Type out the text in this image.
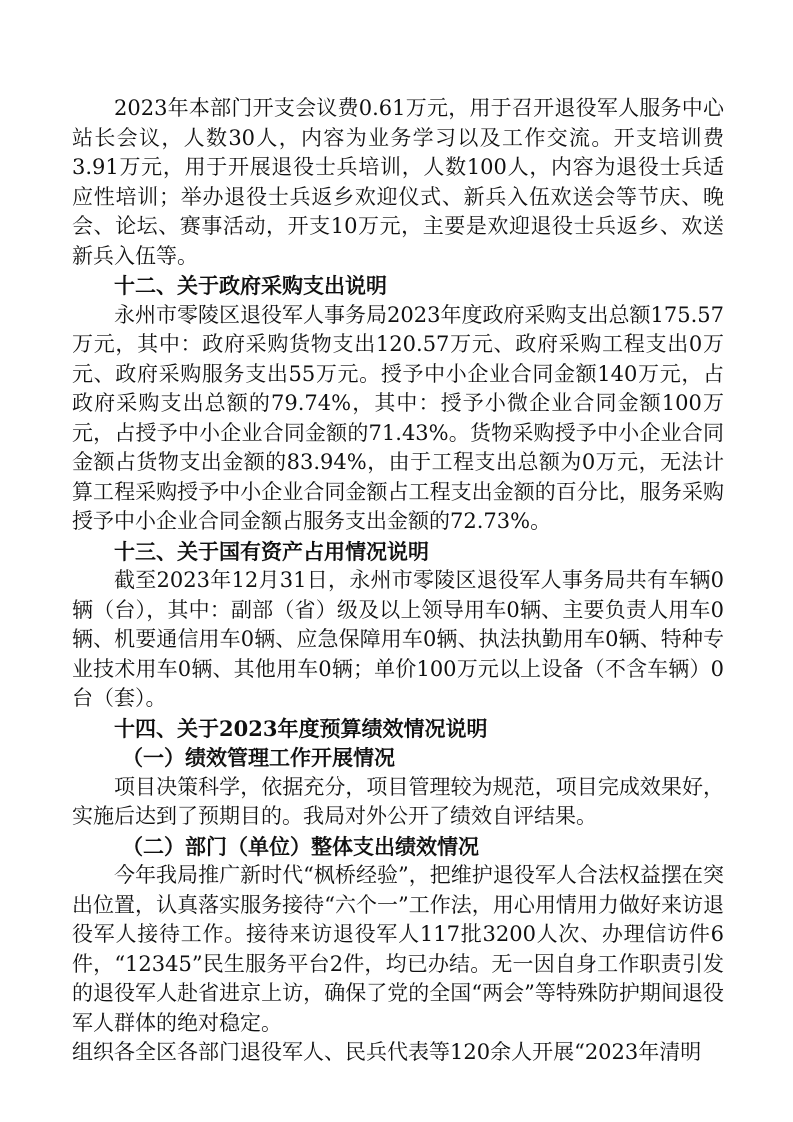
2023年本部门开支会议费0.61万元，用于召开退役军人服务中心站长会议，人数30人，内容为业务学习以及工作交流。开支培训费3.91万元，用于开展退役士兵培训，人数100人，内容为退役士兵适应性培训；举办退役士兵返乡欢迎仪式、新兵入伍欢送会等节庆、晚会、论坛、赛事活动，开支10万元，主要是欢迎退役士兵返乡、欢送新兵入伍等。

十二、关于政府采购支出说明

永州市零陵区退役军人事务局2023年度政府采购支出总额175.57万元，其中：政府采购货物支出120.57万元、政府采购工程支出0万元、政府采购服务支出55万元。授予中小企业合同金额140万元，占政府采购支出总额的79.74%，其中：授予小微企业合同金额100万元，占授予中小企业合同金额的71.43%。货物采购授予中小企业合同金额占货物支出金额的83.94%，由于工程支出总额为0万元，无法计算工程采购授予中小企业合同金额占工程支出金额的百分比，服务采购授予中小企业合同金额占服务支出金额的72.73%。

十三、关于国有资产占用情况说明

截至2023年12月31日，永州市零陵区退役军人事务局共有车辆0辆（台），其中：副部（省）级及以上领导用车0辆、主要负责人用车0辆、机要通信用车0辆、应急保障用车0辆、执法执勤用车0辆、特种专业技术用车0辆、其他用车0辆；单价100万元以上设备（不含车辆）0台（套）。

十四、关于2023年度预算绩效情况说明

（一）绩效管理工作开展情况

项目决策科学，依据充分，项目管理较为规范，项目完成效果好，实施后达到了预期目的。我局对外公开了绩效自评结果。

（二）部门（单位）整体支出绩效情况

今年我局推广新时代“枫桥经验”，把维护退役军人合法权益摆在突出位置，认真落实服务接待“六个一”工作法，用心用情用力做好来访退役军人接待工作。接待来访退役军人117批3200人次、办理信访件6件，“12345”民生服务平台2件，均已办结。无一因自身工作职责引发的退役军人赴省进京上访，确保了党的全国“两会”等特殊防护期间退役军人群体的绝对稳定。

组织各全区各部门退役军人、民兵代表等120余人开展“2023年清明
